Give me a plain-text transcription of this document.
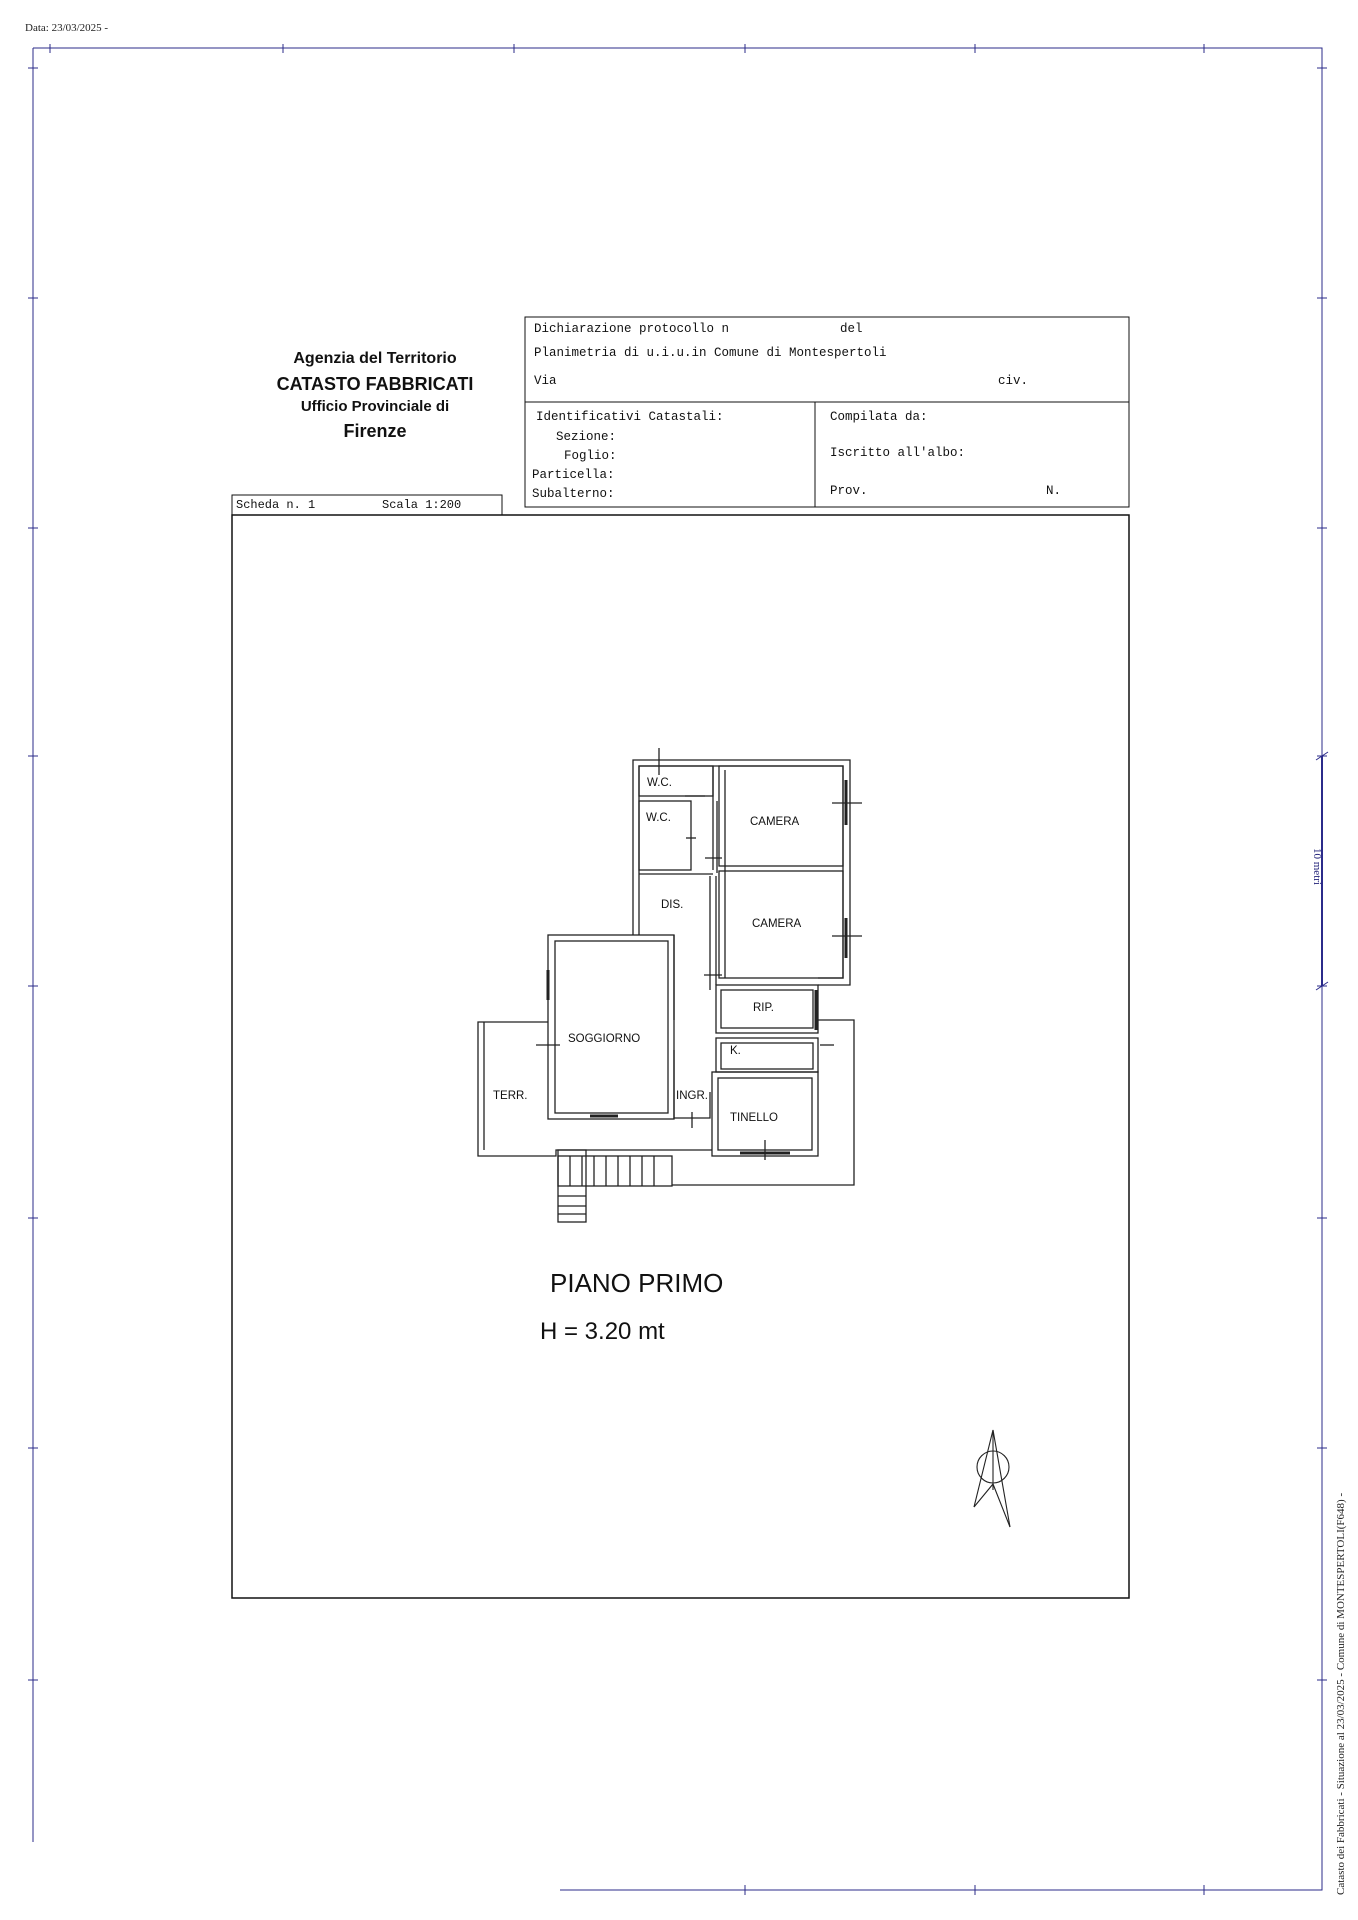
Data: 23/03/2025 -
Catasto dei Fabbricati - Situazione al 23/03/2025 - Comune di MONTESPERTOLI(F648) -
10 metri
Agenzia del Territorio
CATASTO FABBRICATI
Ufficio Provinciale di
Firenze
Dichiarazione protocollo n	del
Planimetria di u.i.u.in Comune di Montespertoli
Via	civ.
Identificativi Catastali:
Sezione:
Foglio:
Particella:
Subalterno:
Compilata da:
Iscritto all'albo:
Prov.	N.
Scheda n. 1	Scala 1:200
W.C.
W.C.	CAMERA
CAMERA
DIS.
SOGGIORNO
RIP.
K.
TERR.	INGR.
TINELLO
PIANO PRIMO
H = 3.20 mt
